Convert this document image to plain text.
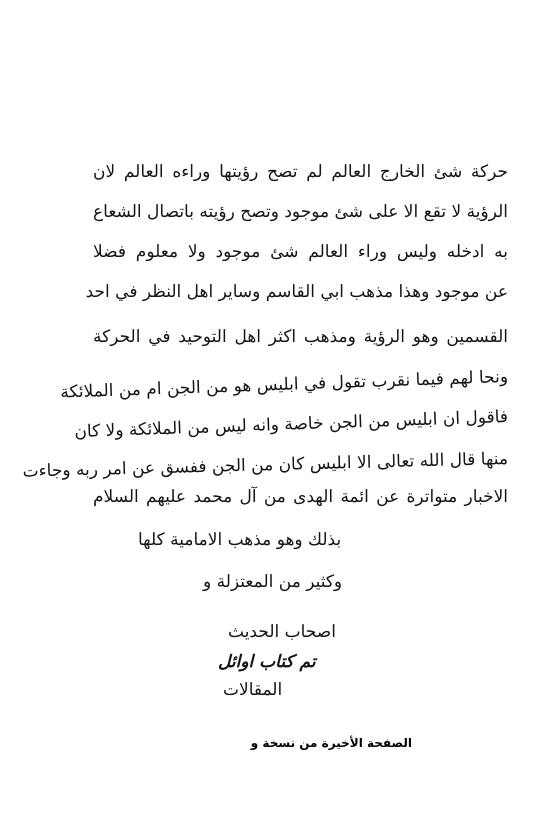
حركة شئ الخارج العالم لم تصح رؤيتها وراءه العالم لان
الرؤية لا تقع الا على شئ موجود وتصح رؤيته باتصال الشعاع
به ادخله وليس وراء العالم شئ موجود ولا معلوم فضلا
عن موجود وهذا مذهب ابي القاسم وساير اهل النظر في احد
القسمين وهو الرؤية ومذهب اكثر اهل التوحيد في الحركة
ونحا لهم فيما نقرب تقول في ابليس هو من الجن ام من الملائكة
فاقول ان ابليس من الجن خاصة وانه ليس من الملائكة ولا كان
منها قال الله تعالى الا ابليس كان من الجن ففسق عن امر ربه وجاءت
الاخبار متواترة عن ائمة الهدى من آل محمد عليهم السلام
بذلك وهو مذهب الامامية كلها
وكثير من المعتزلة و
اصحاب الحديث
تم كتاب اوائل
المقالات
الصفحة الأخيرة من نسخة و
